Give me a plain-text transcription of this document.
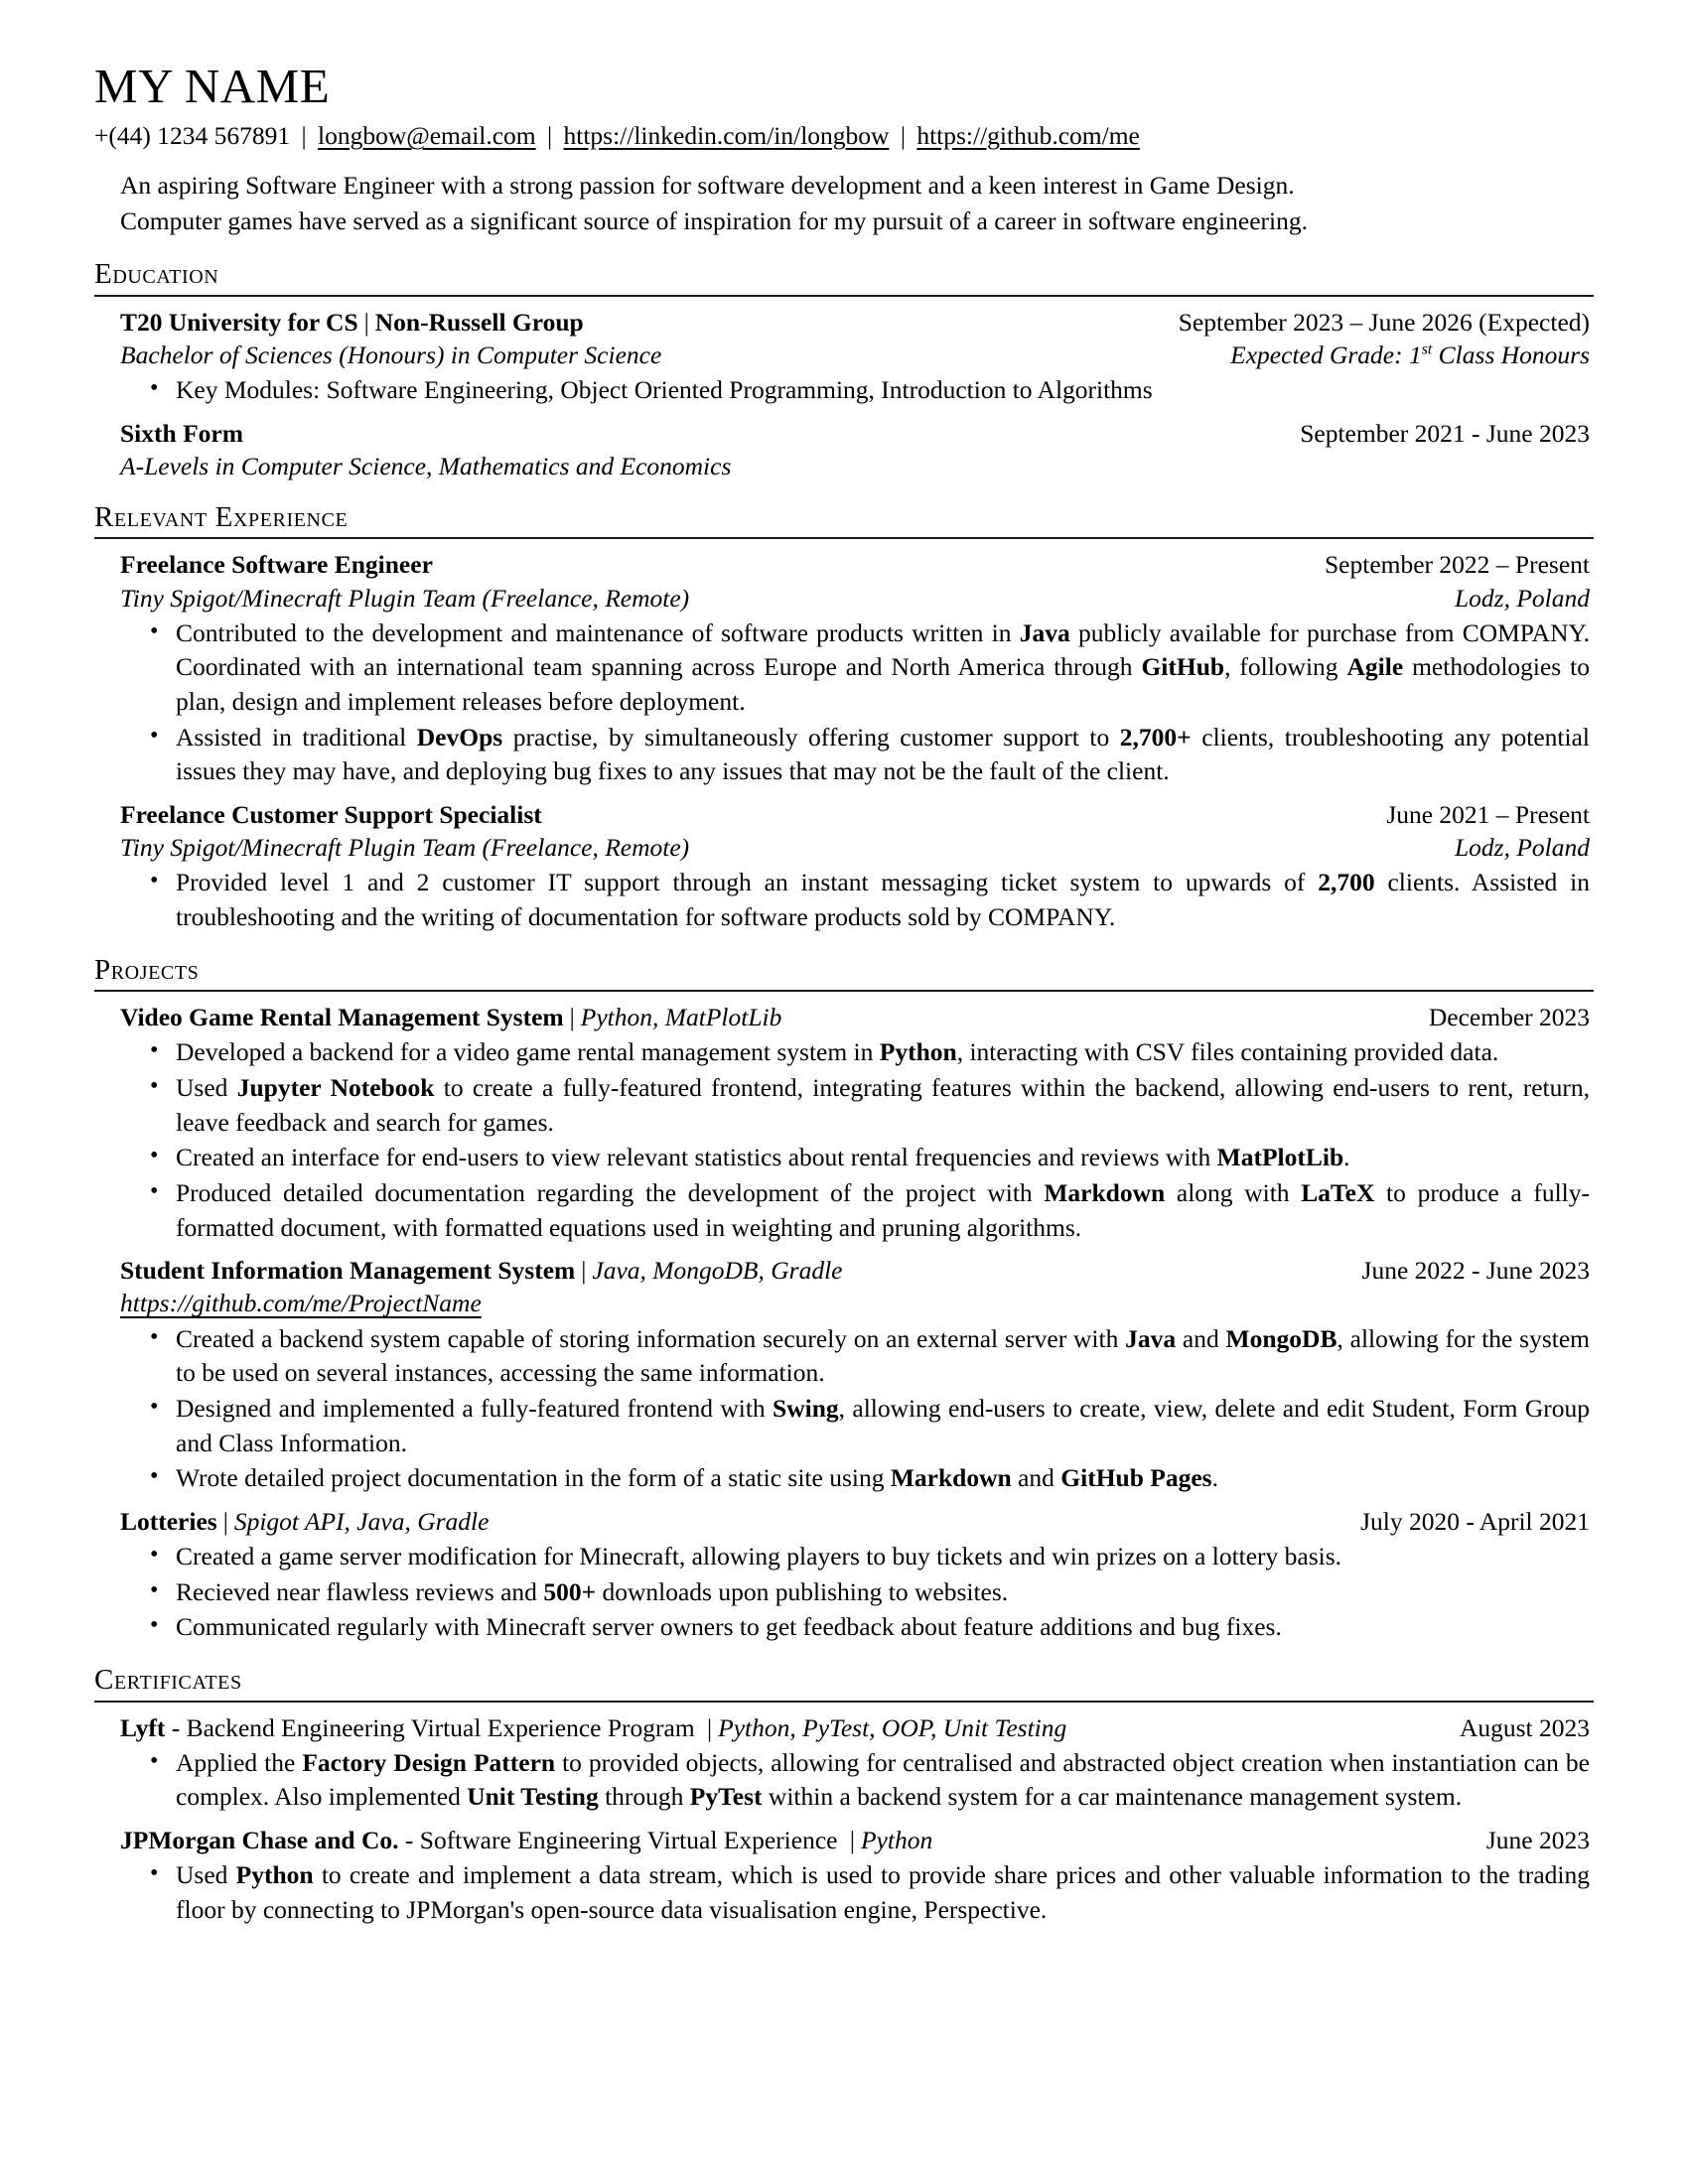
MY NAME
+(44) 1234 567891 | longbow@email.com | https://linkedin.com/in/longbow | https://github.com/me
An aspiring Software Engineer with a strong passion for software development and a keen interest in Game Design.
Computer games have served as a significant source of inspiration for my pursuit of a career in software engineering.
Education
T20 University for CS | Non-Russell Group	September 2023 – June 2026 (Expected)
Bachelor of Sciences (Honours) in Computer Science	Expected Grade: 1st Class Honours
• Key Modules: Software Engineering, Object Oriented Programming, Introduction to Algorithms
Sixth Form	September 2021 - June 2023
A-Levels in Computer Science, Mathematics and Economics
Relevant Experience
Freelance Software Engineer	September 2022 – Present
Tiny Spigot/Minecraft Plugin Team (Freelance, Remote)	Lodz, Poland
• Contributed to the development and maintenance of software products written in Java publicly available for purchase from COMPANY. Coordinated with an international team spanning across Europe and North America through GitHub, following Agile methodologies to plan, design and implement releases before deployment.
• Assisted in traditional DevOps practise, by simultaneously offering customer support to 2,700+ clients, troubleshooting any potential issues they may have, and deploying bug fixes to any issues that may not be the fault of the client.
Freelance Customer Support Specialist	June 2021 – Present
Tiny Spigot/Minecraft Plugin Team (Freelance, Remote)	Lodz, Poland
• Provided level 1 and 2 customer IT support through an instant messaging ticket system to upwards of 2,700 clients. Assisted in troubleshooting and the writing of documentation for software products sold by COMPANY.
Projects
Video Game Rental Management System | Python, MatPlotLib	December 2023
• Developed a backend for a video game rental management system in Python, interacting with CSV files containing provided data.
• Used Jupyter Notebook to create a fully-featured frontend, integrating features within the backend, allowing end-users to rent, return, leave feedback and search for games.
• Created an interface for end-users to view relevant statistics about rental frequencies and reviews with MatPlotLib.
• Produced detailed documentation regarding the development of the project with Markdown along with LaTeX to produce a fully-formatted document, with formatted equations used in weighting and pruning algorithms.
Student Information Management System | Java, MongoDB, Gradle	June 2022 - June 2023
https://github.com/me/ProjectName
• Created a backend system capable of storing information securely on an external server with Java and MongoDB, allowing for the system to be used on several instances, accessing the same information.
• Designed and implemented a fully-featured frontend with Swing, allowing end-users to create, view, delete and edit Student, Form Group and Class Information.
• Wrote detailed project documentation in the form of a static site using Markdown and GitHub Pages.
Lotteries | Spigot API, Java, Gradle	July 2020 - April 2021
• Created a game server modification for Minecraft, allowing players to buy tickets and win prizes on a lottery basis.
• Recieved near flawless reviews and 500+ downloads upon publishing to websites.
• Communicated regularly with Minecraft server owners to get feedback about feature additions and bug fixes.
Certificates
Lyft - Backend Engineering Virtual Experience Program | Python, PyTest, OOP, Unit Testing	August 2023
• Applied the Factory Design Pattern to provided objects, allowing for centralised and abstracted object creation when instantiation can be complex. Also implemented Unit Testing through PyTest within a backend system for a car maintenance management system.
JPMorgan Chase and Co. - Software Engineering Virtual Experience | Python	June 2023
• Used Python to create and implement a data stream, which is used to provide share prices and other valuable information to the trading floor by connecting to JPMorgan's open-source data visualisation engine, Perspective.
